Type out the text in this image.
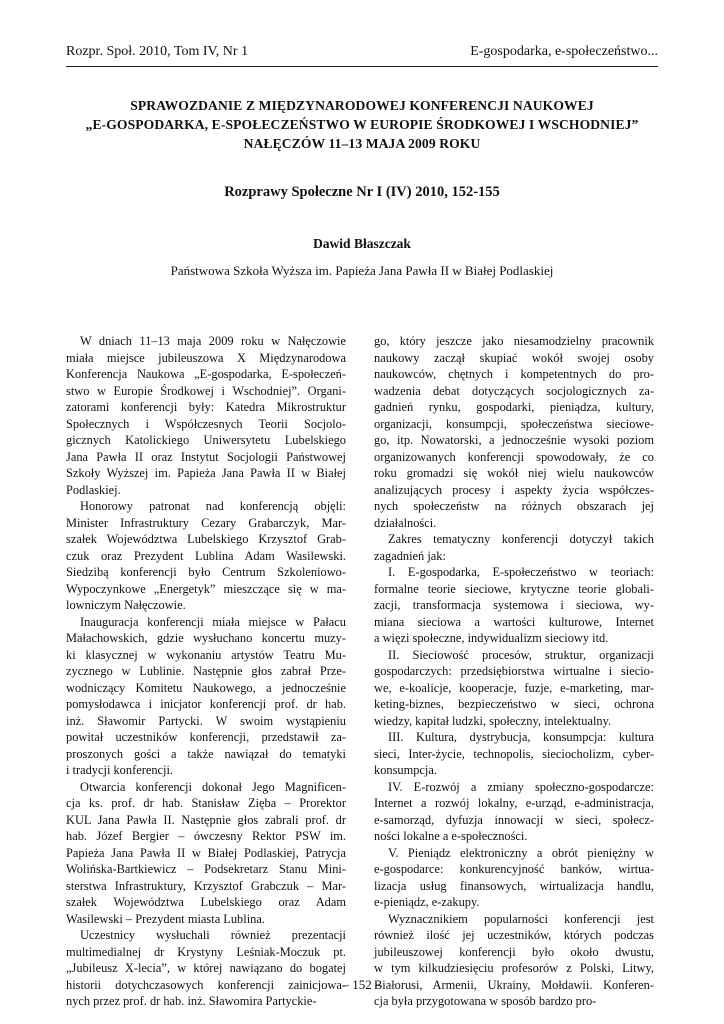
Rozpr. Społ. 2010, Tom IV, Nr 1	E-gospodarka, e-społeczeństwo...
SPRAWOZDANIE Z MIĘDZYNARODOWEJ KONFERENCJI NAUKOWEJ
„E-GOSPODARKA, E-SPOŁECZEŃSTWO W EUROPIE ŚRODKOWEJ I WSCHODNIEJ”
NAŁĘCZÓW 11–13 MAJA 2009 ROKU
Rozprawy Społeczne Nr I (IV) 2010, 152-155
Dawid Błaszczak
Państwowa Szkoła Wyższa im. Papieża Jana Pawła II w Białej Podlaskiej
W dniach 11–13 maja 2009 roku w Nałęczowie
miała miejsce jubileuszowa X Międzynarodowa
Konferencja Naukowa „E-gospodarka, E-społeczeń-
stwo w Europie Środkowej i Wschodniej”. Organi-
zatorami konferencji były: Katedra Mikrostruktur
Społecznych i Współczesnych Teorii Socjolo-
gicznych Katolickiego Uniwersytetu Lubelskiego
Jana Pawła II oraz Instytut Socjologii Państwowej
Szkoły Wyższej im. Papieża Jana Pawła II w Białej
Podlaskiej.
Honorowy patronat nad konferencją objęli:
Minister Infrastruktury Cezary Grabarczyk, Mar-
szałek Województwa Lubelskiego Krzysztof Grab-
czuk oraz Prezydent Lublina Adam Wasilewski.
Siedzibą konferencji było Centrum Szkoleniowo-
Wypoczynkowe „Energetyk” mieszczące się w ma-
lowniczym Nałęczowie.
Inauguracja konferencji miała miejsce w Pałacu
Małachowskich, gdzie wysłuchano koncertu muzy-
ki klasycznej w wykonaniu artystów Teatru Mu-
zycznego w Lublinie. Następnie głos zabrał Prze-
wodniczący Komitetu Naukowego, a jednocześnie
pomysłodawca i inicjator konferencji prof. dr hab.
inż. Sławomir Partycki. W swoim wystąpieniu
powitał uczestników konferencji, przedstawił za-
proszonych gości a także nawiązał do tematyki
i tradycji konferencji.
Otwarcia konferencji dokonał Jego Magnificen-
cja ks. prof. dr hab. Stanisław Zięba – Prorektor
KUL Jana Pawła II. Następnie głos zabrali prof. dr
hab. Józef Bergier – ówczesny Rektor PSW im.
Papieża Jana Pawła II w Białej Podlaskiej, Patrycja
Wolińska-Bartkiewicz – Podsekretarz Stanu Mini-
sterstwa Infrastruktury, Krzysztof Grabczuk – Mar-
szałek Województwa Lubelskiego oraz Adam
Wasilewski – Prezydent miasta Lublina.
Uczestnicy wysłuchali również prezentacji
multimedialnej dr Krystyny Leśniak-Moczuk pt.
„Jubileusz X-lecia”, w której nawiązano do bogatej
historii dotychczasowych konferencji zainicjowa-
nych przez prof. dr hab. inż. Sławomira Partyckie-
go, który jeszcze jako niesamodzielny pracownik
naukowy zaczął skupiać wokół swojej osoby
naukowców, chętnych i kompetentnych do pro-
wadzenia debat dotyczących socjologicznych za-
gadnień rynku, gospodarki, pieniądza, kultury,
organizacji, konsumpcji, społeczeństwa sieciowe-
go, itp. Nowatorski, a jednocześnie wysoki poziom
organizowanych konferencji spowodowały, że co
roku gromadzi się wokół niej wielu naukowców
analizujących procesy i aspekty życia współczes-
nych społeczeństw na różnych obszarach jej
działalności.
Zakres tematyczny konferencji dotyczył takich
zagadnień jak:
I. E-gospodarka, E-społeczeństwo w teoriach:
formalne teorie sieciowe, krytyczne teorie globali-
zacji, transformacja systemowa i sieciowa, wy-
miana sieciowa a wartości kulturowe, Internet
a więzi społeczne, indywidualizm sieciowy itd.
II. Sieciowość procesów, struktur, organizacji
gospodarczych: przedsiębiorstwa wirtualne i siecio-
we, e-koalicje, kooperacje, fuzje, e-marketing, mar-
keting-biznes, bezpieczeństwo w sieci, ochrona
wiedzy, kapitał ludzki, społeczny, intelektualny.
III. Kultura, dystrybucja, konsumpcja: kultura
sieci, Inter-życie, technopolis, sieciocholizm, cyber-
konsumpcja.
IV. E-rozwój a zmiany społeczno-gospodarcze:
Internet a rozwój lokalny, e-urząd, e-administracja,
e-samorząd, dyfuzja innowacji w sieci, społecz-
ności lokalne a e-społeczności.
V. Pieniądz elektroniczny a obrót pieniężny w
e-gospodarce: konkurencyjność banków, wirtua-
lizacja usług finansowych, wirtualizacja handlu,
e-pieniądz, e-zakupy.
Wyznacznikiem popularności konferencji jest
również ilość jej uczestników, których podczas
jubileuszowej konferencji było około dwustu,
w tym kilkudziesięciu profesorów z Polski, Litwy,
Białorusi, Armenii, Ukrainy, Mołdawii. Konferen-
cja była przygotowana w sposób bardzo pro-
– 152 –
